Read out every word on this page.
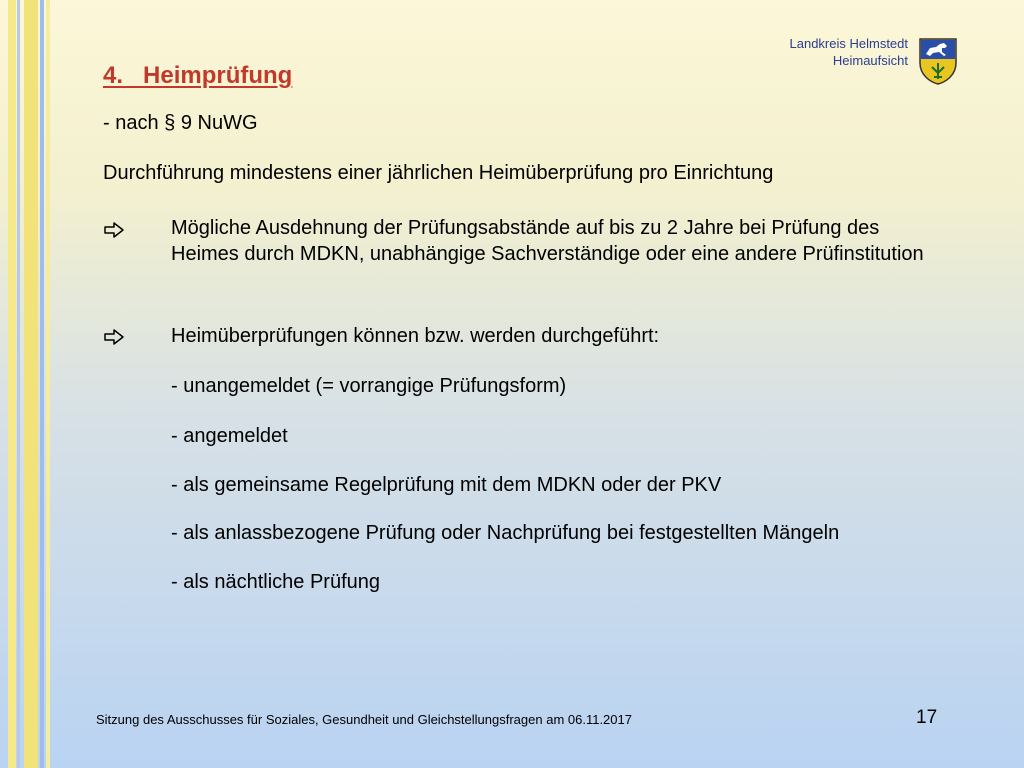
Landkreis Helmstedt
Heimaufsicht
4.   Heimprüfung
- nach § 9 NuWG
Durchführung mindestens einer jährlichen Heimüberprüfung pro Einrichtung
Mögliche Ausdehnung der Prüfungsabstände auf bis zu 2 Jahre bei Prüfung des Heimes durch MDKN, unabhängige Sachverständige oder eine andere Prüfinstitution
Heimüberprüfungen können bzw. werden durchgeführt:
- unangemeldet (= vorrangige Prüfungsform)
- angemeldet
- als gemeinsame Regelprüfung mit dem MDKN oder der PKV
- als anlassbezogene Prüfung oder Nachprüfung bei festgestellten Mängeln
- als nächtliche Prüfung
Sitzung des Ausschusses für Soziales, Gesundheit und Gleichstellungsfragen am 06.11.2017	17
